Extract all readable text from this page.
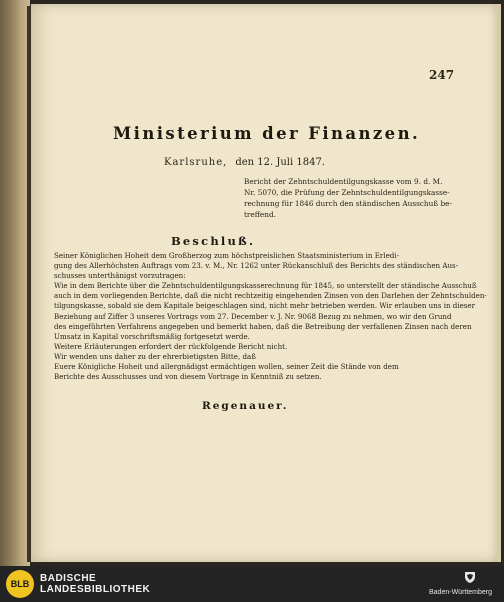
247
Ministerium der Finanzen.
Karlsruhe, den 12. Juli 1847.
Bericht der Zehntschuldentilgungskasse vom 9. d. M.
Nr. 5070, die Prüfung der Zehntschuldentilgungskasse-
rechnung für 1846 durch den ständischen Ausschuß be-
treffend.
Beschluß.
Seiner Königlichen Hoheit dem Großherzog zum höchstpreislichen Staatsministerium in Erledi-
gung des Allerhöchsten Auftrags vom 23. v. M., Nr. 1262 unter Rückanschluß des Berichts des ständischen Aus-
schusses unterthänigst vorzutragen:
Wie in dem Berichte über die Zehntschuldentilgungskasserechnung für 1845, so unterstellt der ständische Ausschuß
auch in dem vorliegenden Berichte, daß die nicht rechtzeitig eingehenden Zinsen von den Darlehen der Zehntschulden-
tilgungskasse, sobald sie dem Kapitale beigeschlagen sind, nicht mehr betrieben werden. Wir erlauben uns in dieser
Beziehung auf Ziffer 3 unseres Vortrags vom 27. December v. J. Nr. 9068 Bezug zu nehmen, wo wir den Grund
des eingeführten Verfahrens angegeben und bemerkt haben, daß die Betreibung der verfallenen Zinsen nach deren
Umsatz in Kapital vorschriftsmäßig fortgesetzt werde.
Weitere Erläuterungen erfordert der rückfolgende Bericht nicht.
Wir wenden uns daher zu der ehrerbietigsten Bitte, daß
Euere Königliche Hoheit und allergnädigst ermächtigen wollen, seiner Zeit die Stände von dem
Berichte des Ausschusses und von diesem Vortrage in Kenntniß zu setzen.
Regenauer.
BLB BADISCHE
LANDESBIBLIOTHEK	Baden-Württemberg
